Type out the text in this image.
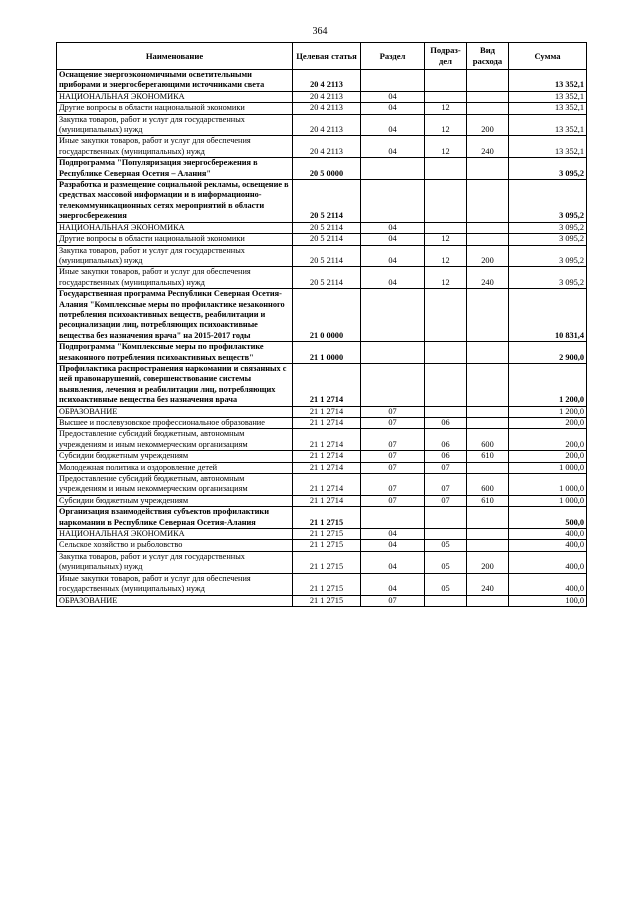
364
Наименование	Целевая статья	Раздел	Подраз-дел	Вид расхода	Сумма
Оснащение энергоэкономичными осветительными приборами и энергосберегающими источниками света	20 4 2113				13 352,1
НАЦИОНАЛЬНАЯ ЭКОНОМИКА	20 4 2113	04			13 352,1
Другие вопросы в области национальной экономики	20 4 2113	04	12		13 352,1
Закупка товаров, работ и услуг для государственных (муниципальных) нужд	20 4 2113	04	12	200	13 352,1
Иные закупки товаров, работ и услуг для обеспечения государственных (муниципальных) нужд	20 4 2113	04	12	240	13 352,1
Подпрограмма "Популяризация энергосбережения в Республике Северная Осетия – Алания"	20 5 0000				3 095,2
Разработка и размещение социальной рекламы, освещение в средствах массовой информации и в информационно-телекоммуникационных сетях мероприятий в области энергосбережения	20 5 2114				3 095,2
НАЦИОНАЛЬНАЯ ЭКОНОМИКА	20 5 2114	04			3 095,2
Другие вопросы в области национальной экономики	20 5 2114	04	12		3 095,2
Закупка товаров, работ и услуг для государственных (муниципальных) нужд	20 5 2114	04	12	200	3 095,2
Иные закупки товаров, работ и услуг для обеспечения государственных (муниципальных) нужд	20 5 2114	04	12	240	3 095,2
Государственная программа Республики Северная Осетия-Алания "Комплексные меры по профилактике незаконного потребления психоактивных веществ, реабилитации и ресоциализации лиц, потребляющих психоактивные вещества без назначения врача" на 2015-2017 годы	21 0 0000				10 831,4
Подпрограмма "Комплексные меры по профилактике незаконного потребления психоактивных веществ"	21 1 0000				2 900,0
Профилактика распространения наркомании и связанных с ней правонарушений, совершенствование системы выявления, лечения и реабилитации лиц, потребляющих психоактивные вещества без назначения врача	21 1 2714				1 200,0
ОБРАЗОВАНИЕ	21 1 2714	07			1 200,0
Высшее и послевузовское профессиональное образование	21 1 2714	07	06		200,0
Предоставление субсидий бюджетным, автономным учреждениям и иным некоммерческим организациям	21 1 2714	07	06	600	200,0
Субсидии бюджетным учреждениям	21 1 2714	07	06	610	200,0
Молодежная политика и оздоровление детей	21 1 2714	07	07		1 000,0
Предоставление субсидий бюджетным, автономным учреждениям и иным некоммерческим организациям	21 1 2714	07	07	600	1 000,0
Субсидии бюджетным учреждениям	21 1 2714	07	07	610	1 000,0
Организация взаимодействия субъектов профилактики наркомании в Республике Северная Осетия-Алания	21 1 2715				500,0
НАЦИОНАЛЬНАЯ ЭКОНОМИКА	21 1 2715	04			400,0
Сельское хозяйство и рыболовство	21 1 2715	04	05		400,0
Закупка товаров, работ и услуг для государственных (муниципальных) нужд	21 1 2715	04	05	200	400,0
Иные закупки товаров, работ и услуг для обеспечения государственных (муниципальных) нужд	21 1 2715	04	05	240	400,0
ОБРАЗОВАНИЕ	21 1 2715	07			100,0
